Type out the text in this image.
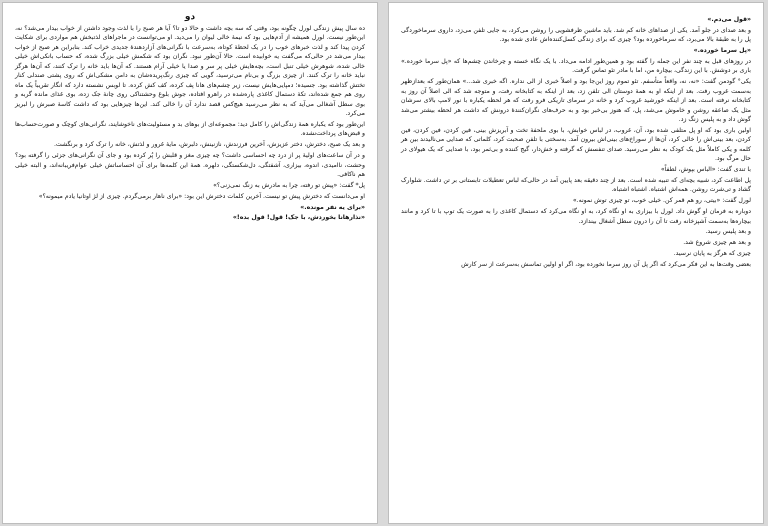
دو

ده سال پیش زندگی لورل چگونه بود، وقتی که سه بچه داشت و حالا دو تا؟ آیا هر صبح را با لذت وجود داشتن از خواب بیدار می‌شد؟ نه، این‌طور نیست. لورل همیشه از آدم‌هایی بود که نیمهٔ خالی لیوان را می‌دید. او می‌توانست در ماجراهای لذتبخش هم مواردی برای شکایت کردن پیدا کند و لذت خبرهای خوب را در یک لحظهٔ کوتاه، به‌سرعت با نگرانی‌های آزاردهندهٔ جدیدی خراب کند. بنابراین هر صبح از خواب بیدار می‌شد در حالی‌که می‌گفت یه خوابیده است. حالا آن‌طور نبود. نگران بود که شکمش خیلی بزرگ شده، که حساب بانکی‌اش خیلی خالی شده، شوهرش خیلی تنبل است، بچه‌هایش خیلی پر سر و صدا یا خیلی آرام هستند. که آن‌ها باید خانه را ترک کنند، که آن‌ها هرگز نباید خانه را ترک کنند. از چیزی بزرگ و بی‌نام می‌ترسید، گویی که چیزی رنگ‌پریده‌شان به دامن مشکی‌اش که روی پشتی صندلی کنار تختش گذاشته بود. جسیده؛ دمپایی‌هایش نیست، زیر چشم‌های هانا پف کرده، کف کش کرده. تا لوبس نشسته دارد که انگار تقریباً یک ماه روی هم جمع شده‌اند، تکهٔ دستمال کاغذی پاره‌شده در راهرو افتاده، جوش بلوغ وحشتناکی روی چانهٔ جک زده، بوی غذای مانده گربه و بوی سطل آشغالی می‌آید که به نظر می‌رسید هیچ‌کس قصد ندارد آن را خالی کند. این‌ها چیزهایی بود که داشت کاسهٔ صبرش را لبریز می‌کرد.

این‌طور بود که یکباره همهٔ زندگی‌اش را کامل دید: مجموعه‌ای از بوهای بد و مسئولیت‌های ناخوشایند، نگرانی‌های کوچک و صورت‌حساب‌ها و قبض‌های پرداخت‌نشده.

و بعد یک صبح، دخترش، دختر عزیزش، آخرین فرزندش، نازنینش، دلبرش، مایهٔ غرور و لذتش، خانه را ترک کرد و برنگشت.

و در آن ساعت‌های اولیهٔ پر از درد چه احساسی داشت؟ چه چیزی مغز و قلبش را پُر کرده بود و جای آن نگرانی‌های جزئی را گرفته بود؟ وحشت، ناامیدی، اندوه، بیزاری، آشفتگی، دل‌شکستگی، دلهره. همهٔ این کلمه‌ها برای آن احساساتش خیلی عوام‌فریبانه‌اند، و البته خیلی هم ناکافی.

پل* گفت: «پیش تو رفته، چرا به مادرش به زنگ نمی‌زنی؟»

او می‌دانست که دخترش پیش تو نیست. آخرین کلمات دخترش این بود: «برای ناهار برمی‌گردم. چیزی از لژ اوتانیا یادم میمونه؟»

«برای یه نفر مونده.»

«نذارهانا بخوردش، با جک! قول! قول بده!»

«قول می‌دم.»

و بعد صدای در جلو آمد. یکی از صداهای خانه کم شد. باید ماشین ظرفشویی را روشن می‌کرد، به جایی تلفن می‌زد، داروی سرماخوردگی پل را به طبقهٔ بالا می‌برد، که سرماخورده بود؟ چیزی که برای زندگی کسل‌کننده‌اش عادی شده بود.

«پل سرما خورده.»

در روزهای قبل به چند نفر این جمله را گفته بود و همین‌طور ادامه می‌داد. با یک نگاه خسته و چرخاندن چشم‌ها که «پل سرما خورده.» باری بر دوشش. با این زندگی، بیچاره من، اما با مادر تئو تماس گرفت.

یکی° گودمن گفت: «نه، نه، واقعاً متأسفم. تئو تموم روز این‌جا بود و اصلاً خبری از الی نداره. اگه خبری شد...» همان‌طور که بعدازظهر به‌سمت غروب رفت. بعد از اینکه او به همهٔ دوستان الی تلفن زد، بعد از اینکه به کتابخانه رفت، و متوجه شد که الی اصلاً آن روز به کتابخانه نرفته است. بعد از اینکه خورشید غروب کرد و خانه در سرمای تاریکی فرو رفت که هر لحظه یکباره با نور لامپ بالای سرشان مثل یک صاعقه روشن و خاموش می‌شد، پل، که هنوز بی‌خبر بود و به حرف‌های نگران‌کنندهٔ درونش که داشت هر لحظه بیشتر می‌شد گوش داد و به پلیس زنگ زد.

اولین باری بود که او پل متلفی شده بود، آن، غروب، در لباس خوابش، با بوی ملحفهٔ تخت و آبریزش بینی، فین کردن، فین کردن، فین کردن، بعد بینی‌اش را خالی کرد، آن‌ها از سوراخ‌های بینی‌اش بیرون آمد. به‌سختی با تلفن صحبت کرد، کلماتی که صدایی می‌نالیدند بین هر کلمه و یکی کاملاً مثل یک کودک به نظر می‌رسید. صدای تنفسش که گرفته و خش‌دار، گیج کننده و بی‌ثمر بود، با صدایی که یک هیولای در حال مرگ بود.

با تندی گفت: «الباس بپوش، لطفاً»

پل اطاعت کرد، شبیه بچه‌ای که تنبیه شده است. بعد از چند دقیقه بعد پایین آمد در حالی‌که لباس تعطیلات تابستانی بر تن داشت. شلوارک گشاد و تی‌شرت روشن. همه‌اش اشتباه. اشتباه اشتباه.

لورل گفت: «بیتی، رو هم قمر کن. خیلی خوب، تو چیزی توش نمونه.»

دوباره به فرمان او گوش داد. لورل با بیزاری به او نگاه کرد، به او نگاه می‌کرد که دستمال کاغذی را به صورت یک توپ با تا کرد و مانند بیچاره‌ها به‌سمت آشپزخانه رفت تا آن را درون سطل آشغال بیندازد.

و بعد پلیس رسید.

و بعد هم چیزی شروع شد.

چیزی که هرگز به پایان نرسید.

بعضی وقت‌ها به این فکر می‌کرد که اگر پل آن روز سرما نخورده بود، اگر او اولین تماسش به‌سرعت از سر کارش
